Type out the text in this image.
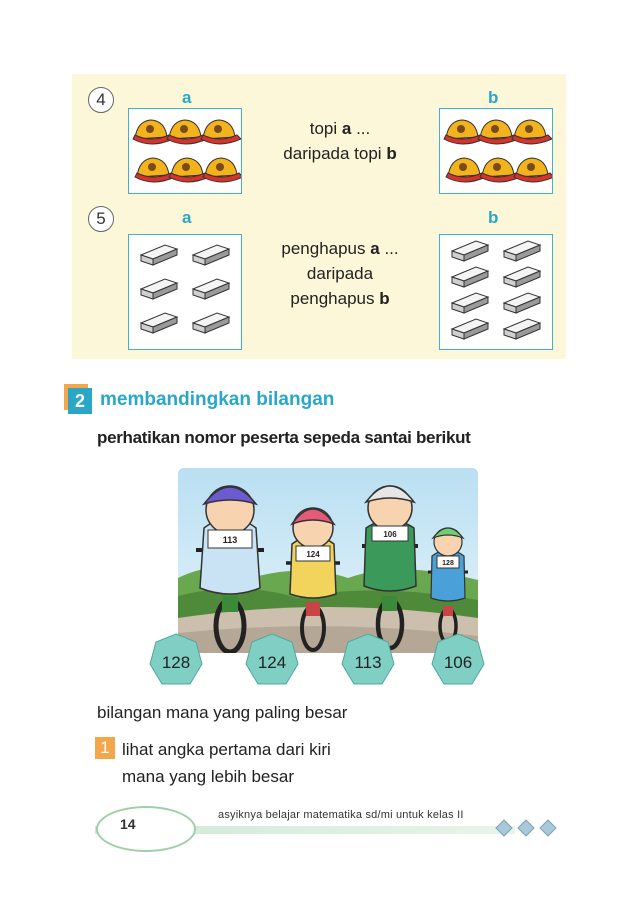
4	a	b
topi a ...
daripada topi b
5	a	b
penghapus a ...
daripada
penghapus b
2 membandingkan bilangan
perhatikan nomor peserta sepeda santai berikut
113
124
106
128
128	124	113	106
bilangan mana yang paling besar
1 lihat angka pertama dari kiri
mana yang lebih besar
14
asyiknya belajar matematika sd/mi untuk kelas II
